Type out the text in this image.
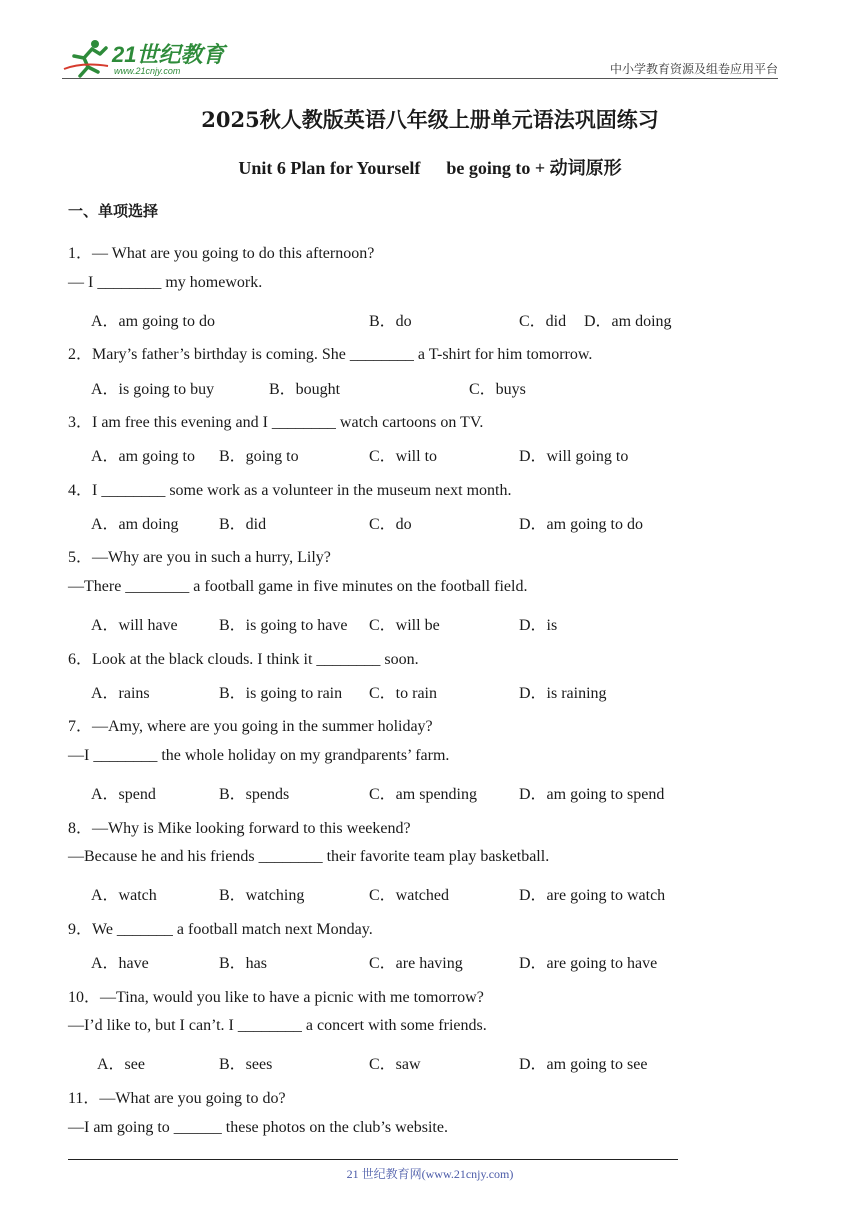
21世纪教育
www.21cnjy.com	中小学教育资源及组卷应用平台
2025秋人教版英语八年级上册单元语法巩固练习
Unit 6 Plan for Yourself be going to + 动词原形
一、单项选择
1．— What are you going to do this afternoon?
— I ________ my homework.
A．am going to do	B．do	C．did D．am doing
2．Mary’s father’s birthday is coming. She ________ a T-shirt for him tomorrow.
A．is going to buy	B．bought	C．buys
3．I am free this evening and I ________ watch cartoons on TV.
A．am going to B．going to	C．will to	D．will going to
4．I ________ some work as a volunteer in the museum next month.
A．am doing	B．did	C．do	D．am going to do
5．—Why are you in such a hurry, Lily?
—There ________ a football game in five minutes on the football field.
A．will have	B．is going to have C．will be	D．is
6．Look at the black clouds. I think it ________ soon.
A．rains	B．is going to rain C．to rain	D．is raining
7．—Amy, where are you going in the summer holiday?
—I ________ the whole holiday on my grandparents’ farm.
A．spend	B．spends	C．am spending	D．am going to spend
8．—Why is Mike looking forward to this weekend?
—Because he and his friends ________ their favorite team play basketball.
A．watch	B．watching	C．watched	D．are going to watch
9．We _______ a football match next Monday.
A．have	B．has	C．are having	D．are going to have
10．—Tina, would you like to have a picnic with me tomorrow?
—I’d like to, but I can’t. I ________ a concert with some friends.
A．see	B．sees	C．saw	D．am going to see
11．—What are you going to do?
—I am going to ______ these photos on the club’s website.
21 世纪教育网(www.21cnjy.com)
